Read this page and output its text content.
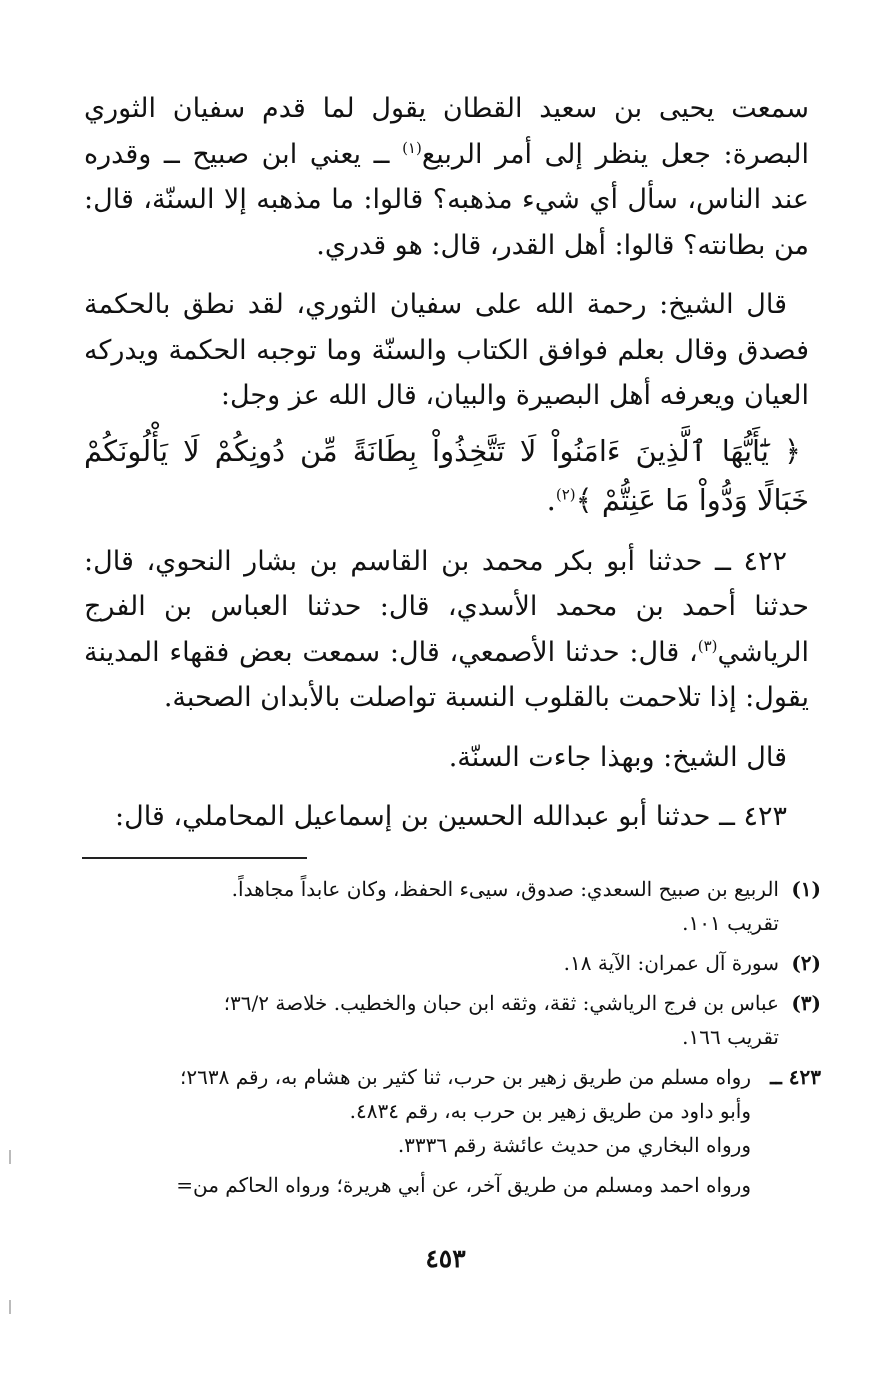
سمعت يحيى بن سعيد القطان يقول لما قدم سفيان الثوري البصرة: جعل ينظر إلى أمر الربيع$^{(١)}$ ــ يعني ابن صبيح ــ وقدره عند الناس، سأل أي شيء مذهبه؟ قالوا: ما مذهبه إلا السنّة، قال: من بطانته؟ قالوا: أهل القدر، قال: هو قدري.

قال الشيخ: رحمة الله على سفيان الثوري، لقد نطق بالحكمة فصدق وقال بعلم فوافق الكتاب والسنّة وما توجبه الحكمة ويدركه العيان ويعرفه أهل البصيرة والبيان، قال الله عز وجل:

﴿ يَٰٓأَيُّهَا ٱلَّذِينَ ءَامَنُواْ لَا تَتَّخِذُواْ بِطَانَةً مِّن دُونِكُمْ لَا يَأْلُونَكُمْ خَبَالًا وَدُّواْ مَا عَنِتُّمْ ﴾$^{(٢)}$.

٤٢٢ ــ حدثنا أبو بكر محمد بن القاسم بن بشار النحوي، قال: حدثنا أحمد بن محمد الأسدي، قال: حدثنا العباس بن الفرج الرياشي$^{(٣)}$، قال: حدثنا الأصمعي، قال: سمعت بعض فقهاء المدينة يقول: إذا تلاحمت بالقلوب النسبة تواصلت بالأبدان الصحبة.

قال الشيخ: وبهذا جاءت السنّة.

٤٢٣ ــ حدثنا أبو عبدالله الحسين بن إسماعيل المحاملي، قال:

(١)
الربيع بن صبيح السعدي: صدوق، سيىء الحفظ، وكان عابداً مجاهداً.
تقريب ١٠١.
(٢)
سورة آل عمران: الآية ١٨.
(٣)
عباس بن فرج الرياشي: ثقة، وثقه ابن حبان والخطيب. خلاصة ٣٦/٢؛
تقريب ١٦٦.
٤٢٣ ــ
رواه مسلم من طريق زهير بن حرب، ثنا كثير بن هشام به، رقم ٢٦٣٨؛
وأبو داود من طريق زهير بن حرب به، رقم ٤٨٣٤.
ورواه البخاري من حديث عائشة رقم ٣٣٣٦.
ورواه احمد ومسلم من طريق آخر، عن أبي هريرة؛ ورواه الحاكم من=
٤٥٣
